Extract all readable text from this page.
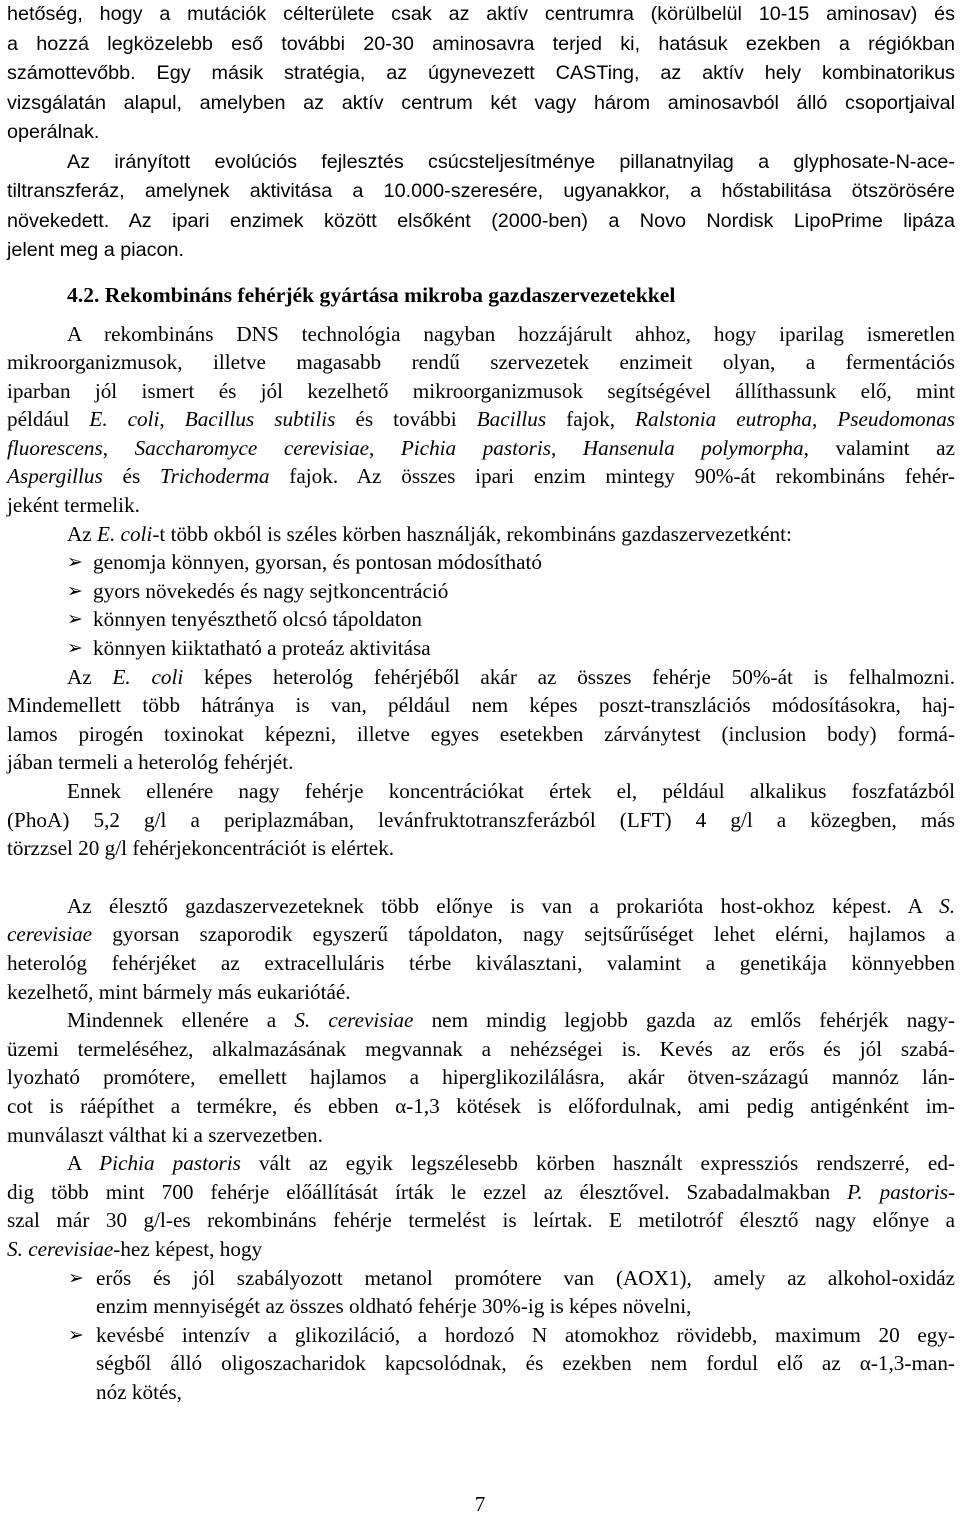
hetőség, hogy a mutációk célterülete csak az aktív centrumra (körülbelül 10-15 aminosav) és

a hozzá legközelebb eső további 20-30 aminosavra terjed ki, hatásuk ezekben a régiókban

számottevőbb. Egy másik stratégia, az úgynevezett CASTing, az aktív hely kombinatorikus

vizsgálatán alapul, amelyben az aktív centrum két vagy három aminosavból álló csoportjaival

operálnak.

Az irányított evolúciós fejlesztés csúcsteljesítménye pillanatnyilag a glyphosate-N-ace-

tiltranszferáz, amelynek aktivitása a 10.000-szeresére, ugyanakkor, a hőstabilitása ötszörösére

növekedett. Az ipari enzimek között elsőként (2000-ben) a Novo Nordisk LipoPrime lipáza

jelent meg a piacon.

4.2. Rekombináns fehérjék gyártása mikroba gazdaszervezetekkel

A rekombináns DNS technológia nagyban hozzájárult ahhoz, hogy iparilag ismeretlen

mikroorganizmusok, illetve magasabb rendű szervezetek enzimeit olyan, a fermentációs

iparban jól ismert és jól kezelhető mikroorganizmusok segítségével állíthassunk elő, mint

például E. coli, Bacillus subtilis és további Bacillus fajok, Ralstonia eutropha, Pseudomonas

fluorescens, Saccharomyce cerevisiae, Pichia pastoris, Hansenula polymorpha, valamint az

Aspergillus és Trichoderma fajok. Az összes ipari enzim mintegy 90%-át rekombináns fehér-

jeként termelik.

Az E. coli-t több okból is széles körben használják, rekombináns gazdaszervezetként:

➢ genomja könnyen, gyorsan, és pontosan módosítható
➢ gyors növekedés és nagy sejtkoncentráció
➢ könnyen tenyészthető olcsó tápoldaton
➢ könnyen kiiktatható a proteáz aktivitása

Az E. coli képes heterológ fehérjéből akár az összes fehérje 50%-át is felhalmozni.

Mindemellett több hátránya is van, például nem képes poszt-transzlációs módosításokra, haj-

lamos pirogén toxinokat képezni, illetve egyes esetekben zárványtest (inclusion body) formá-

jában termeli a heterológ fehérjét.

Ennek ellenére nagy fehérje koncentrációkat értek el, például alkalikus foszfatázból

(PhoA) 5,2 g/l a periplazmában, levánfruktotranszferázból (LFT) 4 g/l a közegben, más

törzzsel 20 g/l fehérjekoncentrációt is elértek.

Az élesztő gazdaszervezeteknek több előnye is van a prokarióta host-okhoz képest. A S.

cerevisiae gyorsan szaporodik egyszerű tápoldaton, nagy sejtsűrűséget lehet elérni, hajlamos a

heterológ fehérjéket az extracelluláris térbe kiválasztani, valamint a genetikája könnyebben

kezelhető, mint bármely más eukariótáé.

Mindennek ellenére a S. cerevisiae nem mindig legjobb gazda az emlős fehérjék nagy-

üzemi termeléséhez, alkalmazásának megvannak a nehézségei is. Kevés az erős és jól szabá-

lyozható promótere, emellett hajlamos a hiperglikozilálásra, akár ötven-százagú mannóz lán-

cot is ráépíthet a termékre, és ebben α-1,3 kötések is előfordulnak, ami pedig antigénként im-

munválaszt válthat ki a szervezetben.

A Pichia pastoris vált az egyik legszélesebb körben használt expressziós rendszerré, ed-

dig több mint 700 fehérje előállítását írták le ezzel az élesztővel. Szabadalmakban P. pastoris-

szal már 30 g/l-es rekombináns fehérje termelést is leírtak. E metilotróf élesztő nagy előnye a

S. cerevisiae-hez képest, hogy

➢ erős és jól szabályozott metanol promótere van (AOX1), amely az alkohol-oxidáz
enzim mennyiségét az összes oldható fehérje 30%-ig is képes növelni,
➢ kevésbé intenzív a glikoziláció, a hordozó N atomokhoz rövidebb, maximum 20 egy-
ségből álló oligoszacharidok kapcsolódnak, és ezekben nem fordul elő az α-1,3-man-
nóz kötés,
7
